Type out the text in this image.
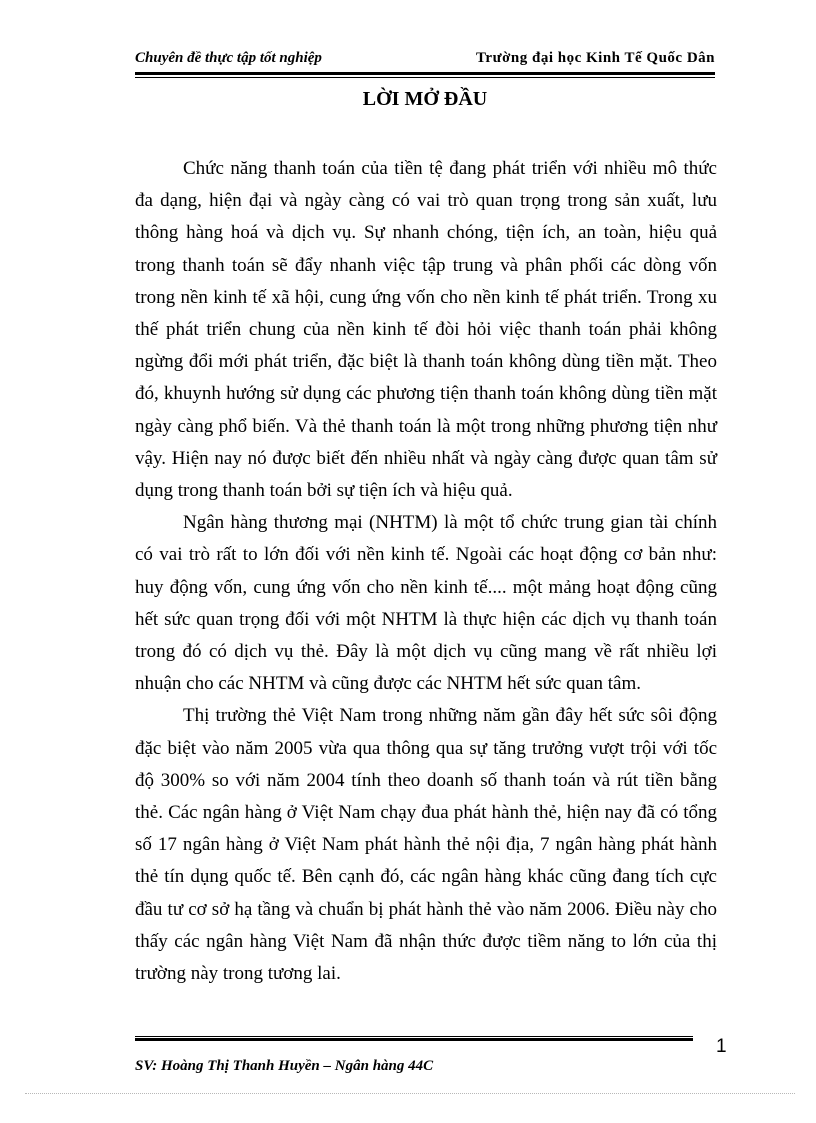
Chuyên đề thực tập tốt nghiệp	Trường đại học Kinh Tế Quốc Dân
LỜI MỞ ĐẦU

Chức năng thanh toán của tiền tệ đang phát triển với nhiều mô thức đa dạng, hiện đại và ngày càng có vai trò quan trọng trong sản xuất, lưu thông hàng hoá và dịch vụ. Sự nhanh chóng, tiện ích, an toàn, hiệu quả trong thanh toán sẽ đẩy nhanh việc tập trung và phân phối các dòng vốn trong nền kinh tế xã hội, cung ứng vốn cho nền kinh tế phát triển. Trong xu thế phát triển chung của nền kinh tế đòi hỏi việc thanh toán phải không ngừng đổi mới phát triển, đặc biệt là thanh toán không dùng tiền mặt. Theo đó, khuynh hướng sử dụng các phương tiện thanh toán không dùng tiền mặt ngày càng phổ biến. Và thẻ thanh toán là một trong những phương tiện như vậy. Hiện nay nó được biết đến nhiều nhất và ngày càng được quan tâm sử dụng trong thanh toán bởi sự tiện ích và hiệu quả.

Ngân hàng thương mại (NHTM) là một tổ chức trung gian tài chính có vai trò rất to lớn đối với nền kinh tế. Ngoài các hoạt động cơ bản như: huy động vốn, cung ứng vốn cho nền kinh tế.... một mảng hoạt động cũng hết sức quan trọng đối với một NHTM là thực hiện các dịch vụ thanh toán trong đó có dịch vụ thẻ. Đây là một dịch vụ cũng mang về rất nhiều lợi nhuận cho các NHTM và cũng được các NHTM hết sức quan tâm.

Thị trường thẻ Việt Nam trong những năm gần đây hết sức sôi động đặc biệt vào năm 2005 vừa qua thông qua sự tăng trưởng vượt trội với tốc độ 300% so với năm 2004 tính theo doanh số thanh toán và rút tiền bằng thẻ. Các ngân hàng ở Việt Nam chạy đua phát hành thẻ, hiện nay đã có tổng số 17 ngân hàng ở Việt Nam phát hành thẻ nội địa, 7 ngân hàng phát hành thẻ tín dụng quốc tế. Bên cạnh đó, các ngân hàng khác cũng đang tích cực đầu tư cơ sở hạ tầng và chuẩn bị phát hành thẻ vào năm 2006. Điều này cho thấy các ngân hàng Việt Nam đã nhận thức được tiềm năng to lớn của thị trường này trong tương lai.

1
SV: Hoàng Thị Thanh Huyền – Ngân hàng 44C
